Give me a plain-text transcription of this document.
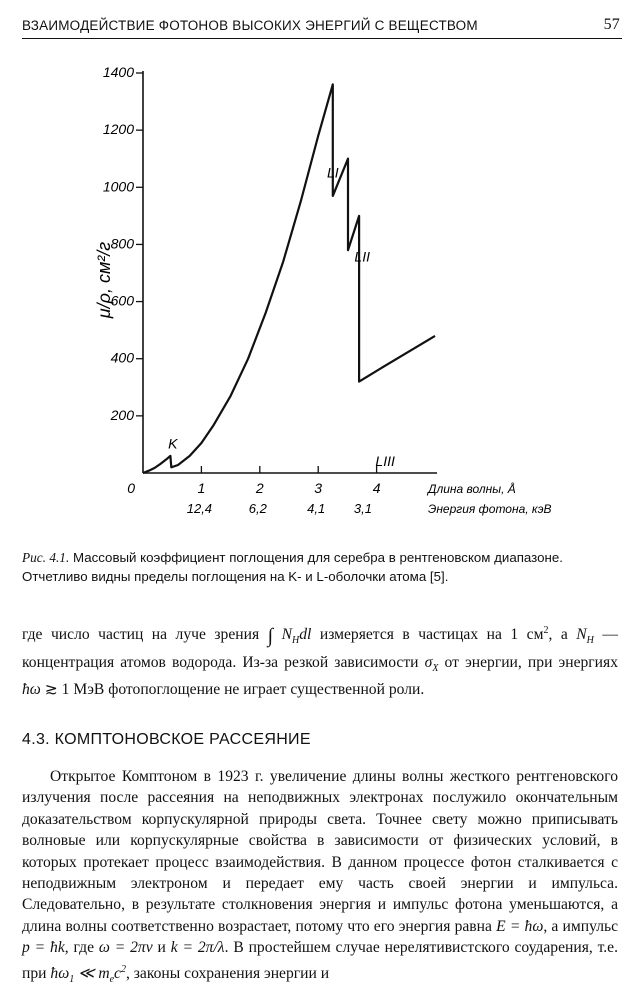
ВЗАИМОДЕЙСТВИЕ ФОТОНОВ ВЫСОКИХ ЭНЕРГИЙ С ВЕЩЕСТВОМ	57
200
400
600
800
1000
1200
1400
0	1	2	3	4
12,4	6,2	4,1 3,1
Длина волны, Å
Энергия фотона, кэВ
μ/ρ, см²/г
K
LI
LII
LIII
Рис. 4.1. Массовый коэффициент поглощения для серебра в рентгеновском диапазоне. Отчетливо видны пределы поглощения на K- и L-оболочки атома [5].
где число частиц на луче зрения ∫ $N_Hdl$ измеряется в частицах на 1 $см^2$, а $N_H$ — концентрация атомов водорода. Из-за резкой зависимости $\sigma_X$ от энергии, при энергиях ħω ≳ 1 МэВ фотопоглощение не играет существенной роли.
4.3. КОМПТОНОВСКОЕ РАССЕЯНИЕ
Открытое Комптоном в 1923 г. увеличение длины волны жесткого рентгеновского излучения после рассеяния на неподвижных электронах послужило окончательным доказательством корпускулярной природы света. Точнее свету можно приписывать волновые или корпускулярные свойства в зависимости от физических условий, в которых протекает процесс взаимодействия. В данном процессе фотон сталкивается с неподвижным электроном и передает ему часть своей энергии и импульса. Следовательно, в результате столкновения энергия и импульс фотона уменьшаются, а длина волны соответственно возрастает, потому что его энергия равна E = ħω, а импульс p = ħk, где ω = 2πν и k = 2π/λ. В простейшем случае нерелятивистского соударения, т.е. при $ħ\omega_1$ ≪ $m_ec^2$, законы сохранения энергии и
